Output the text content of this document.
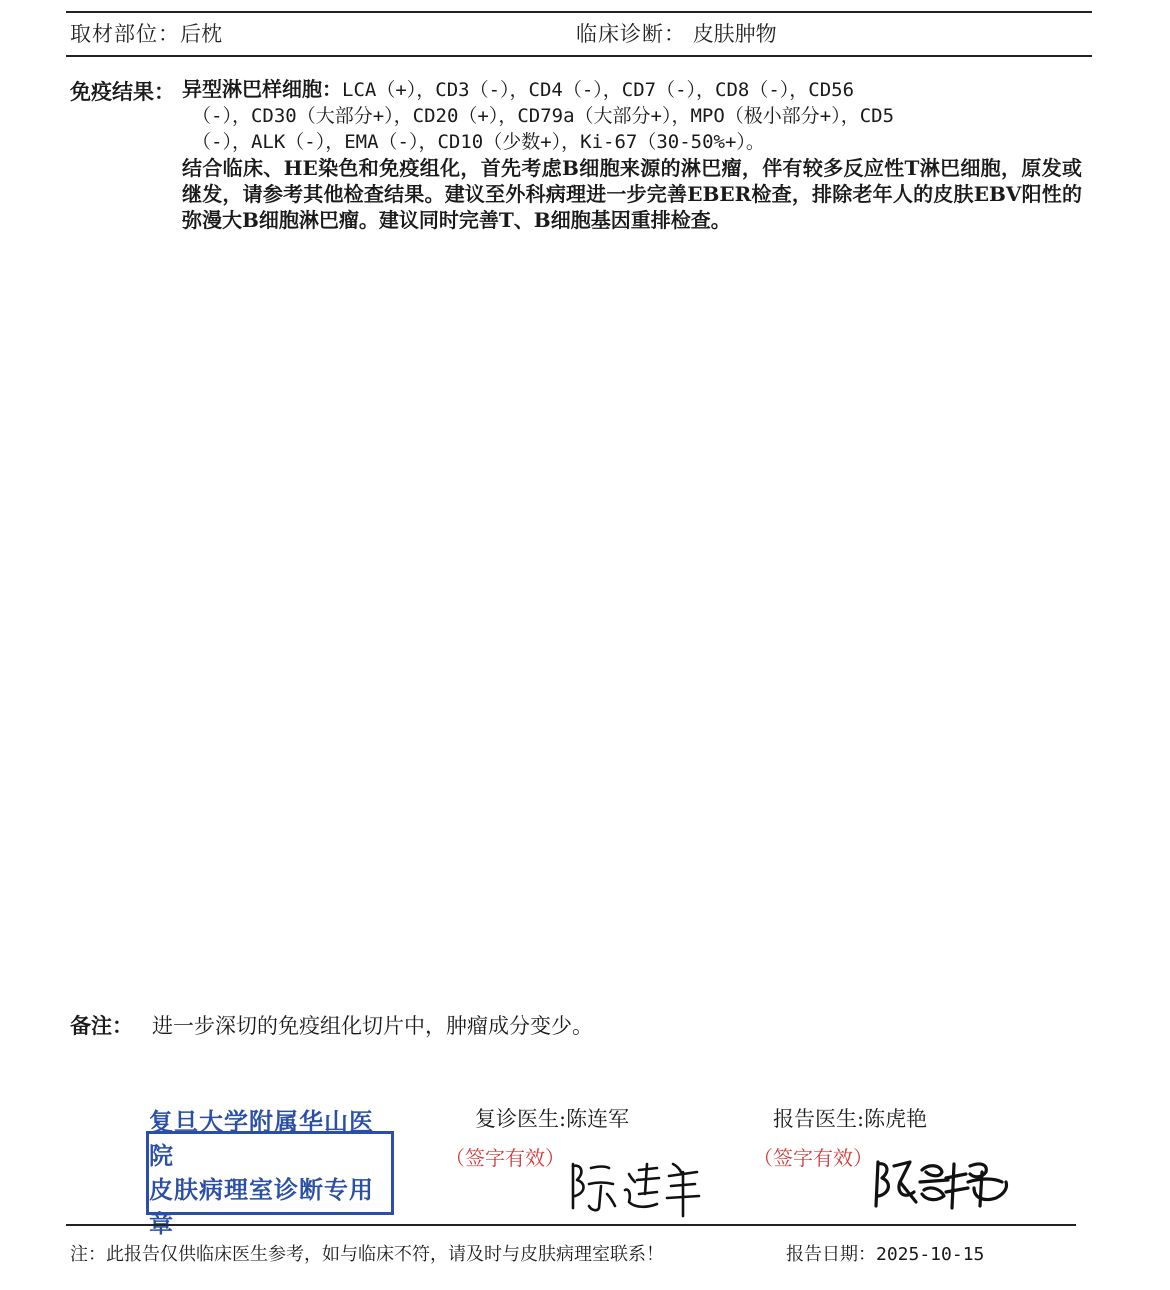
取材部位：后枕	临床诊断： 皮肤肿物
免疫结果： 异型淋巴样细胞：LCA（+），CD3（-），CD4（-），CD7（-），CD8（-），CD56
（-），CD30（大部分+），CD20（+），CD79a（大部分+），MPO（极小部分+），CD5
（-），ALK（-），EMA（-），CD10（少数+），Ki-67（30-50%+）。
结合临床、HE染色和免疫组化，首先考虑B细胞来源的淋巴瘤，伴有较多反应性T淋巴细胞，原发或继发，请参考其他检查结果。建议至外科病理进一步完善EBER检查，排除老年人的皮肤EBV阳性的弥漫大B细胞淋巴瘤。建议同时完善T、B细胞基因重排检查。
备注： 进一步深切的免疫组化切片中，肿瘤成分变少。
复诊医生:陈连军	报告医生:陈虎艳
（签字有效）	（签字有效）
复旦大学附属华山医院
皮肤病理室诊断专用章
注：此报告仅供临床医生参考，如与临床不符，请及时与皮肤病理室联系！	报告日期：2025-10-15
